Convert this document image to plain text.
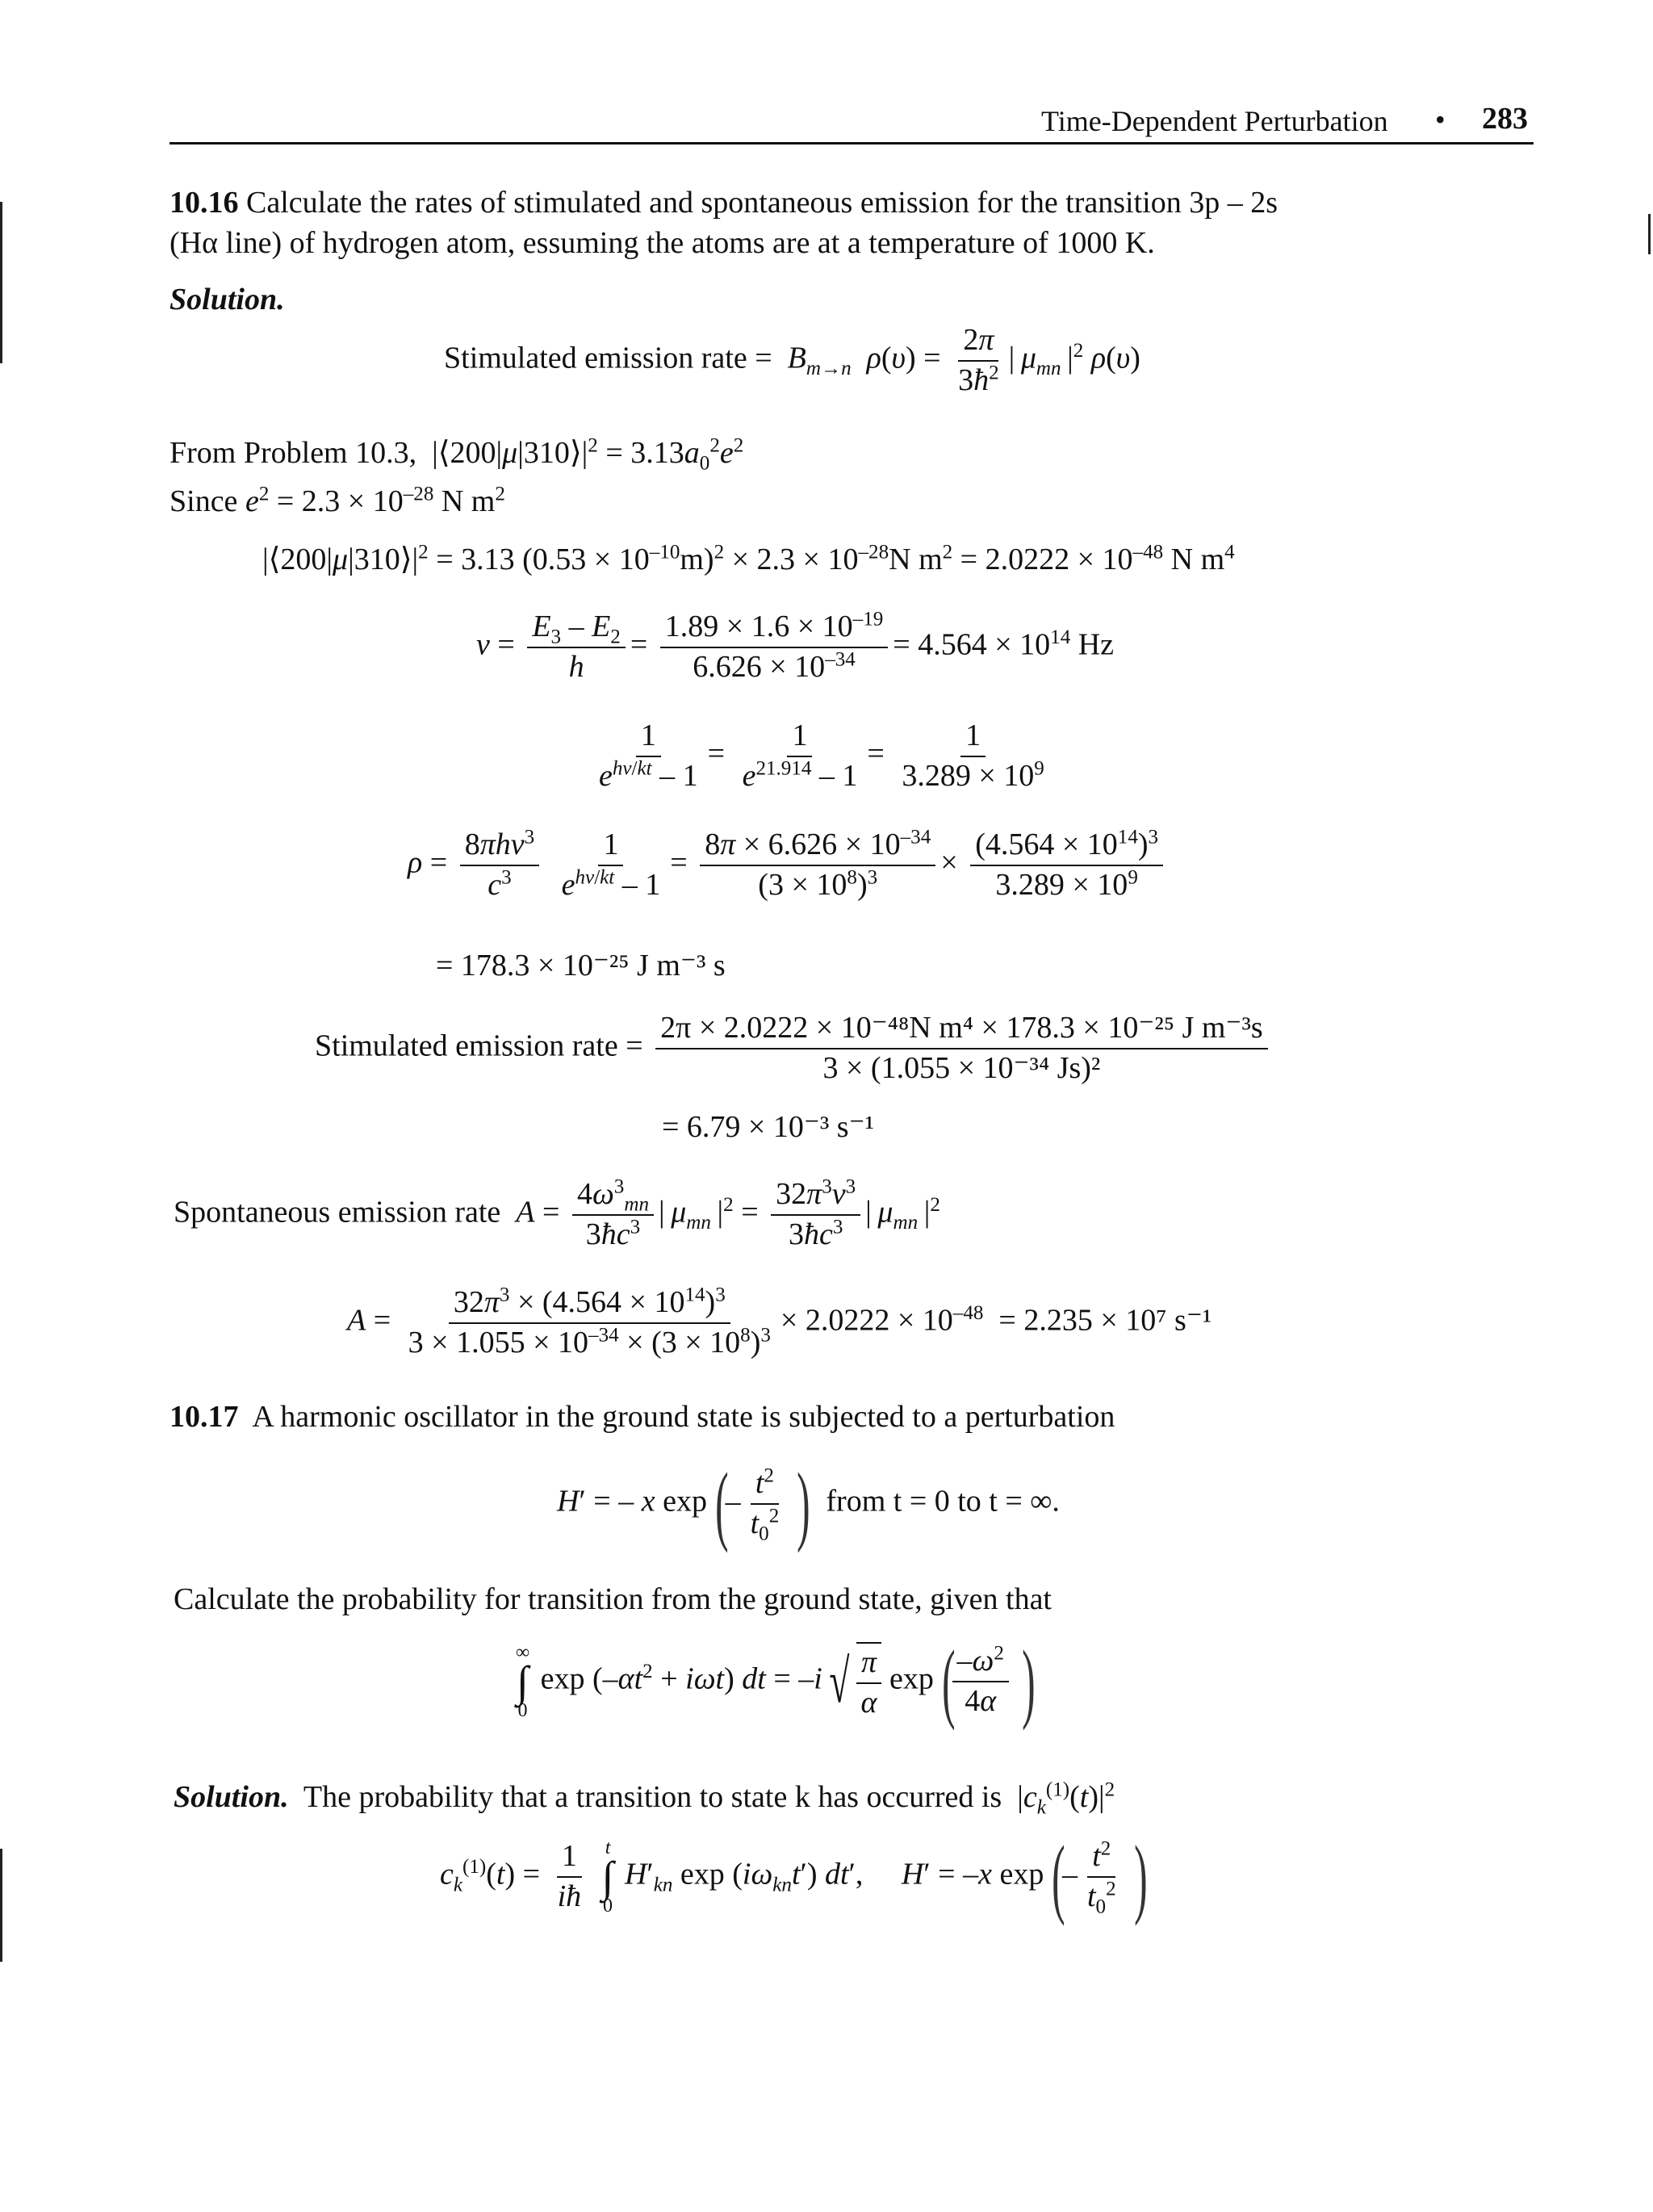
Time-Dependent Perturbation • 283
10.16 Calculate the rates of stimulated and spontaneous emission for the transition 3p – 2s
(Hα line) of hydrogen atom, essuming the atoms are at a temperature of 1000 K.
Solution.
Stimulated emission rate = $B_{m\to n}$ $\rho(\upsilon) = \frac{2\pi}{3ħ^2}$ | $\mu_{mn}$ $|^2$ ρ(υ)
From Problem 10.3,  $|⟨200|\mu|310⟩|^2 = 3.13a_0^2e^2$
Since $e^2 = 2.3 \times 10^{-28}$ N $m^2$
$|⟨200|\mu|310⟩|^2 = 3.13$ $(0.53 \times 10^{-10}m)^2 \times 2.3 \times 10^{-28}N$ $m^2 = 2.0222 \times 10^{-48}$ N $m^4$
$\nu = \frac{E_3 - E_2}{h} = \frac{1.89 \times 1.6 \times 10^{-19}}{6.626 \times 10^{-34}} = 4.564 \times 10^{14}$ Hz
$\frac{1}{e^{h\nu/kt} - 1} = \frac{1}{e^{21.914} - 1} = \frac{1}{3.289 \times 10^9}$
$\rho = \frac{8\pi h\nu^3}{c^3}$
$\frac{1}{e^{h\nu/kt} - 1} = \frac{8\pi \times 6.626 \times 10^{-34}}{(3 \times 10^8)^3} \times \frac{(4.564 \times 10^{14})^3}{3.289 \times 10^9}$
= 178.3 × 10⁻²⁵ J m⁻³ s
Stimulated emission rate = $\frac{\text{2π × 2.0222 × 10⁻⁴⁸N m⁴ × 178.3 × 10⁻²⁵ J m⁻³s}}{\text{3 × (1.055 × 10⁻³⁴ Js)²}}$
= 6.79 × 10⁻³ s⁻¹
Spontaneous emission rate $A = \frac{4\omega^3_{mn}}{3ħc^3}$ | $\mu_{mn}$ $|^2 = \frac{32\pi^3\nu^3}{3ħc^3}$ | $\mu_{mn}$ $|^2$
$A = \frac{32\pi^3 \times (4.564 \times 10^{14})^3}{3 \times 1.055 \times 10^{-34} \times (3 \times 10^8)^3} \times 2.0222 \times 10^{-48} = 2.235 \times 10^7$ s⁻¹
10.17 A harmonic oscillator in the ground state is subjected to a perturbation
H′ = – x $\exp(- \frac{t^2}{t_0^2}$ ) from t = 0 to t = ∞.
Calculate the probability for transition from the ground state, given that
∞
∫
0
$\exp (-\alpha t^2 + i\omega t)$ dt = –i √ $\frac{\pi}{\alpha} \exp$(
$\frac{-\omega^2}{4\alpha}$ )
Solution. The probability that a transition to state k has occurred is  $|c_k^{(1)}(t)|^2$
$c_k^{(1)}(t) = \frac{1}{iħ}$
t
∫
0
$H'_{kn}$ $\exp (i\omega_{kn}t')$ dt′,     H′ = –x $\exp(- \frac{t^2}{t_0^2}$ )
